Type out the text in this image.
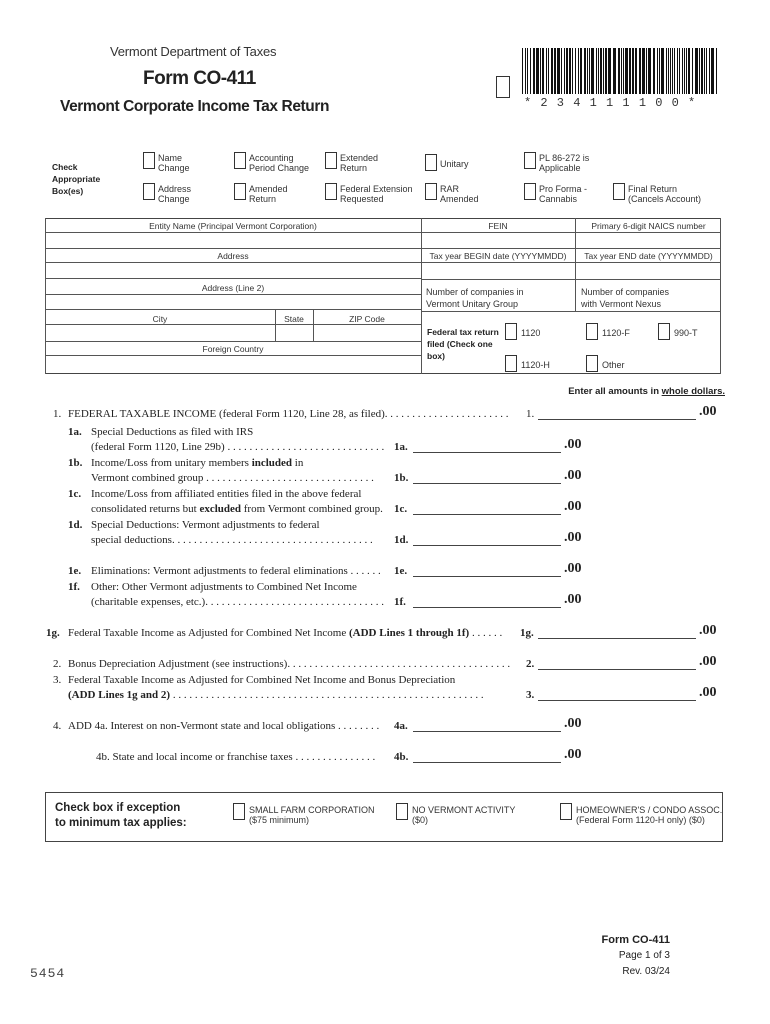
Vermont Department of Taxes
Form CO-411
Vermont Corporate Income Tax Return	* 2 3 4 1 1 1 1 0 0 *
Check Appropriate Box(es)
Name Change
Address Change
Accounting Period Change
Amended Return
Extended Return
Federal Extension Requested
Unitary
RAR Amended
PL 86-272 is Applicable
Pro Forma - Cannabis
Final Return (Cancels Account)
Entity Name (Principal Vermont Corporation)	FEIN	Primary 6-digit NAICS number
Address	Tax year BEGIN date (YYYYMMDD)	Tax year END date (YYYYMMDD)
Address (Line 2)	Number of companies in Vermont Unitary Group
Number of companies with Vermont Nexus
City	State	ZIP Code
Foreign Country
Federal tax return filed (Check one box)
1120	1120-F	990-T
1120-H	Other
Enter all amounts in whole dollars.
1. FEDERAL TAXABLE INCOME (federal Form 1120, Line 28, as filed). . . . . . . . . . . . . . . . . . . . . . . 1.	.00
1a. Special Deductions as filed with IRS
(federal Form 1120, Line 29b) . . . . . . . . . . . . . . . . . . . . . . . . . . . . . 1a.	.00
1b. Income/Loss from unitary members included in
Vermont combined group . . . . . . . . . . . . . . . . . . . . . . . . . . . . . . . 1b.	.00
1c. Income/Loss from affiliated entities filed in the above federal
consolidated returns but excluded from Vermont combined group. 1c.	.00
1d. Special Deductions: Vermont adjustments to federal
special deductions. . . . . . . . . . . . . . . . . . . . . . . . . . . . . . . . . . . . . 1d.	.00
1e. Eliminations: Vermont adjustments to federal eliminations . . . . . . 1e.	.00
1f. Other: Other Vermont adjustments to Combined Net Income
(charitable expenses, etc.). . . . . . . . . . . . . . . . . . . . . . . . . . . . . . . . . 1f.	.00
1g. Federal Taxable Income as Adjusted for Combined Net Income (ADD Lines 1 through 1f) . . . . . . 1g.	.00
2. Bonus Depreciation Adjustment (see instructions). . . . . . . . . . . . . . . . . . . . . . . . . . . . . . . . . . . . . . . . . 2.	.00
3. Federal Taxable Income as Adjusted for Combined Net Income and Bonus Depreciation
(ADD Lines 1g and 2) . . . . . . . . . . . . . . . . . . . . . . . . . . . . . . . . . . . . . . . . . . . . . . . . . . . . . . . . .	3.	.00
4. ADD 4a. Interest on non-Vermont state and local obligations . . . . . . . . 4a.	.00
4b. State and local income or franchise taxes . . . . . . . . . . . . . . . 4b.	.00
Check box if exception
to minimum tax applies:
SMALL FARM CORPORATION
($75 minimum)
NO VERMONT ACTIVITY
($0)
HOMEOWNER'S / CONDO ASSOC.
(Federal Form 1120-H only) ($0)
5454
Form CO-411
Page 1 of 3
Rev. 03/24
